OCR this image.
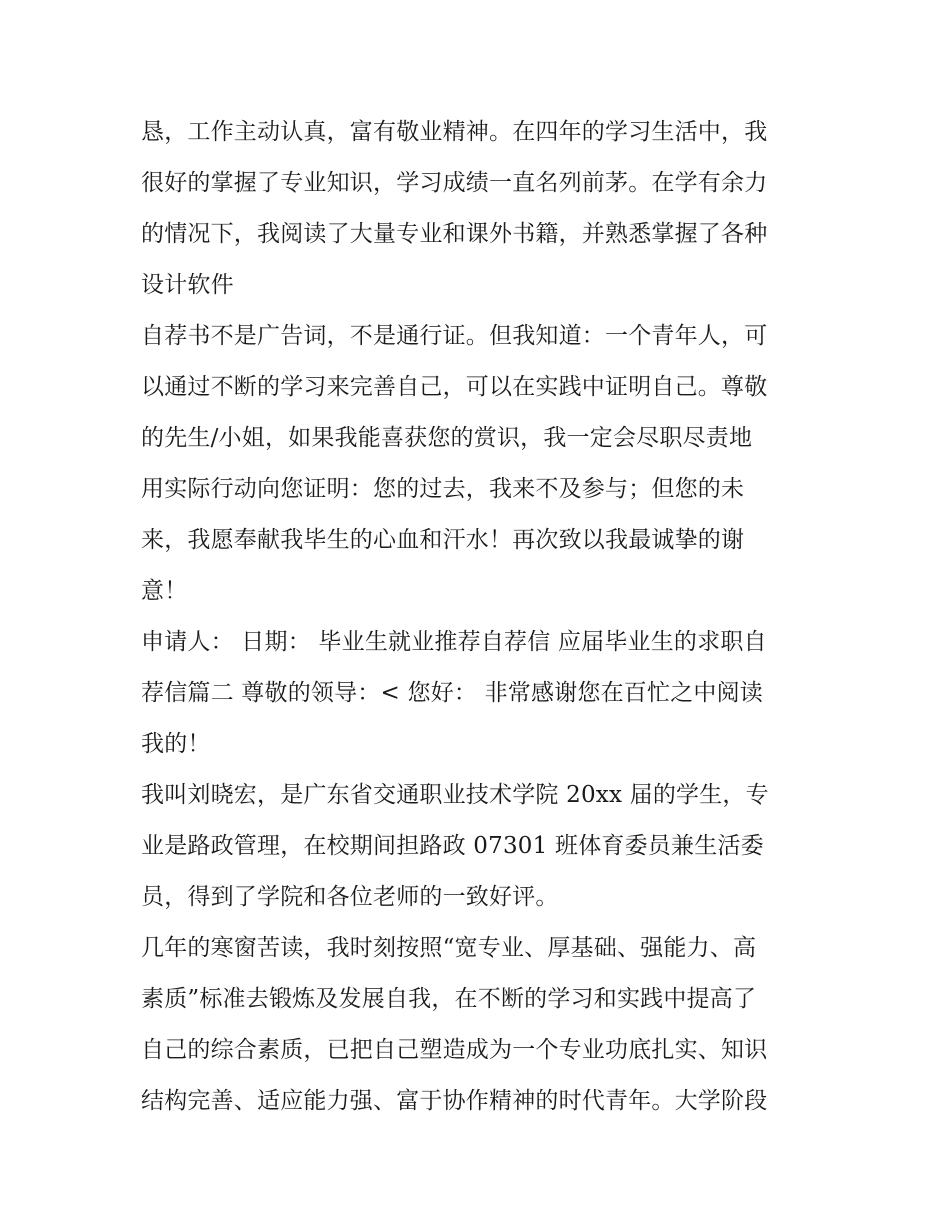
恳，工作主动认真，富有敬业精神。在四年的学习生活中，我
很好的掌握了专业知识，学习成绩一直名列前茅。在学有余力
的情况下，我阅读了大量专业和课外书籍，并熟悉掌握了各种
设计软件
自荐书不是广告词，不是通行证。但我知道：一个青年人，可
以通过不断的学习来完善自己，可以在实践中证明自己。尊敬
的先生/小姐，如果我能喜获您的赏识，我一定会尽职尽责地
用实际行动向您证明：您的过去，我来不及参与；但您的未
来，我愿奉献我毕生的心血和汗水！再次致以我最诚挚的谢
意！
申请人： 日期： 毕业生就业推荐自荐信 应届毕业生的求职自
荐信篇二 尊敬的领导：< 您好： 非常感谢您在百忙之中阅读
我的！
我叫刘晓宏，是广东省交通职业技术学院 20xx 届的学生，专
业是路政管理，在校期间担路政 07301 班体育委员兼生活委
员，得到了学院和各位老师的一致好评。
几年的寒窗苦读，我时刻按照“宽专业、厚基础、强能力、高
素质”标准去锻炼及发展自我，在不断的学习和实践中提高了
自己的综合素质，已把自己塑造成为一个专业功底扎实、知识
结构完善、适应能力强、富于协作精神的时代青年。大学阶段
